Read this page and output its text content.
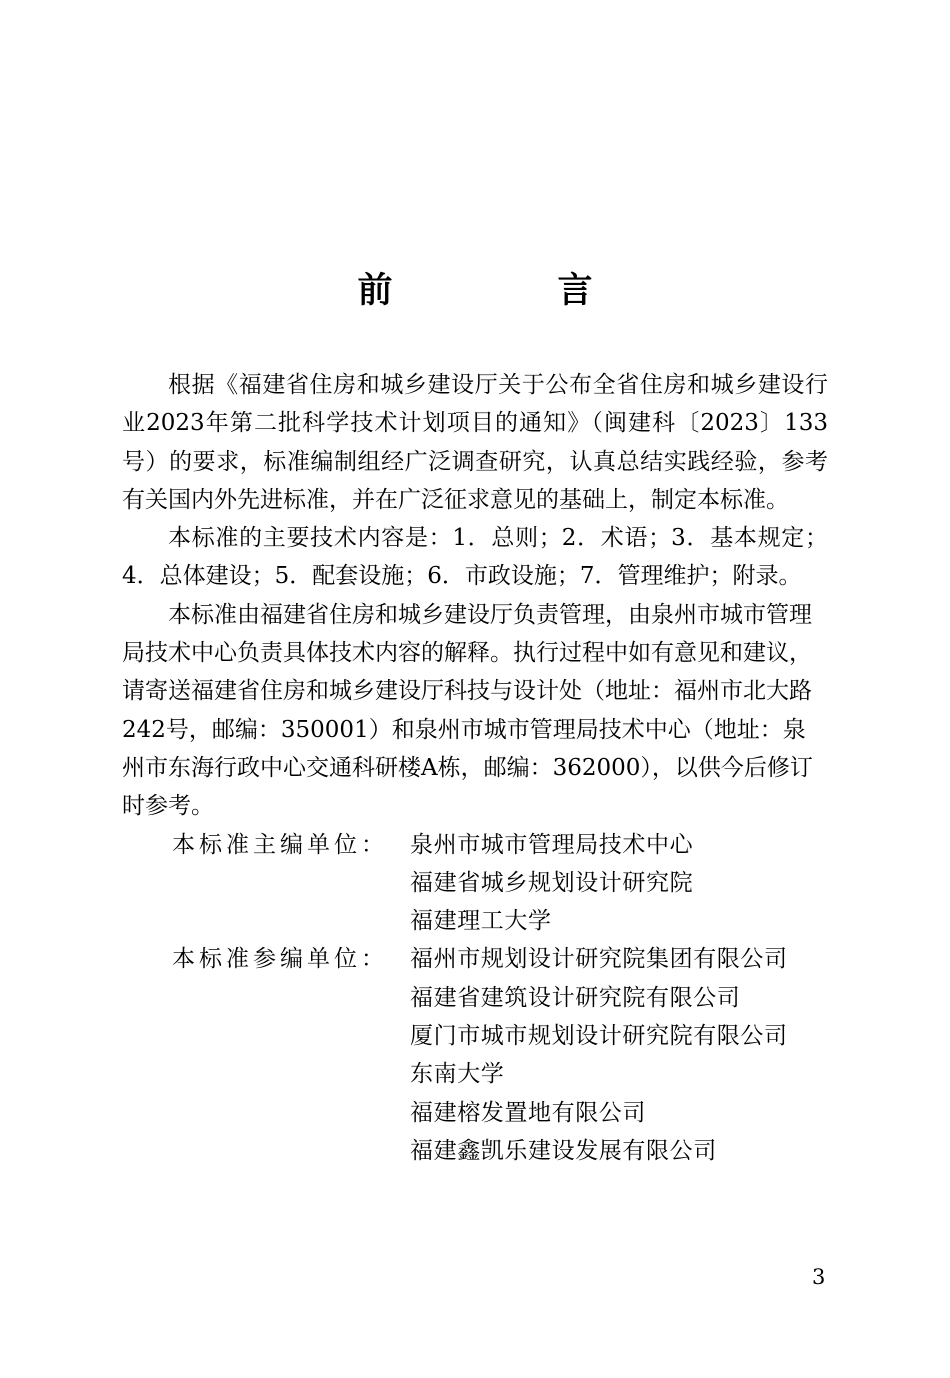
前　言

根据《福建省住房和城乡建设厅关于公布全省住房和城乡建设行业2023年第二批科学技术计划项目的通知》（闽建科〔2023〕133号）的要求，标准编制组经广泛调查研究，认真总结实践经验，参考有关国内外先进标准，并在广泛征求意见的基础上，制定本标准。

本标准的主要技术内容是：1．总则；2．术语；3．基本规定；4．总体建设；5．配套设施；6．市政设施；7．管理维护；附录。

本标准由福建省住房和城乡建设厅负责管理，由泉州市城市管理局技术中心负责具体技术内容的解释。执行过程中如有意见和建议，请寄送福建省住房和城乡建设厅科技与设计处（地址：福州市北大路242号，邮编：350001）和泉州市城市管理局技术中心（地址：泉州市东海行政中心交通科研楼A栋，邮编：362000），以供今后修订时参考。

本标准主编单位： 泉州市城市管理局技术中心
福建省城乡规划设计研究院
福建理工大学
本标准参编单位： 福州市规划设计研究院集团有限公司
福建省建筑设计研究院有限公司
厦门市城市规划设计研究院有限公司
东南大学
福建榕发置地有限公司
福建鑫凯乐建设发展有限公司
3
